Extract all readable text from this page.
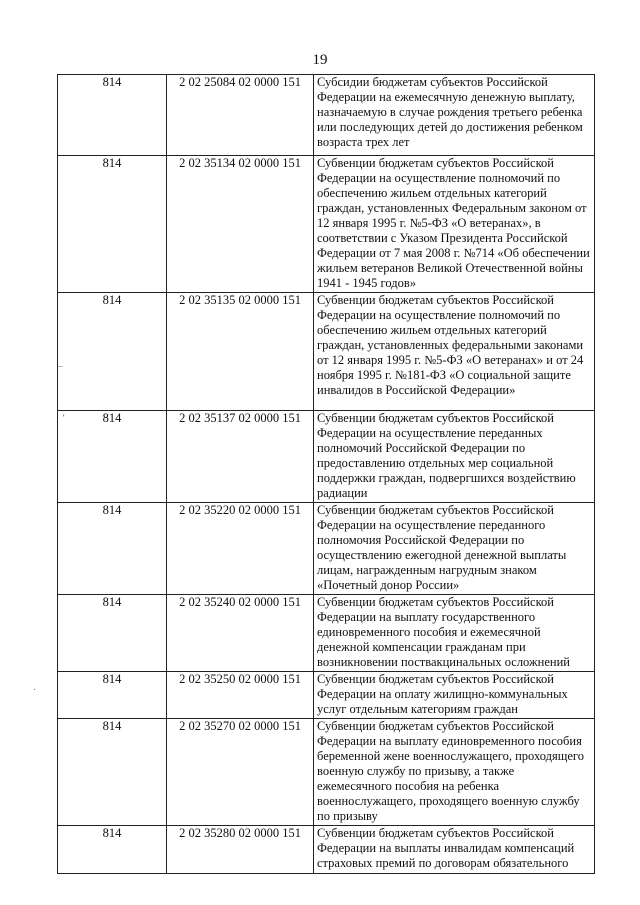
19
814	2 02 25084 02 0000 151	Субсидии бюджетам субъектов Российской Федерации на ежемесячную денежную выплату, назначаемую в случае рождения третьего ребенка или последующих детей до достижения ребенком возраста трех лет
814	2 02 35134 02 0000 151	Субвенции бюджетам субъектов Российской Федерации на осуществление полномочий по обеспечению жильем отдельных категорий граждан, установленных Федеральным законом от 12 января 1995 г. №5-ФЗ «О ветеранах», в соответствии с Указом Президента Российской Федерации от 7 мая 2008 г. №714 «Об обеспечении жильем ветеранов Великой Отечественной войны 1941 - 1945 годов»
814	2 02 35135 02 0000 151	Субвенции бюджетам субъектов Российской Федерации на осуществление полномочий по обеспечению жильем отдельных категорий граждан, установленных федеральными законами от 12 января 1995 г. №5-ФЗ «О ветеранах» и от 24 ноября 1995 г. №181-ФЗ «О социальной защите инвалидов в Российской Федерации»
814	2 02 35137 02 0000 151	Субвенции бюджетам субъектов Российской Федерации на осуществление переданных полномочий Российской Федерации по предоставлению отдельных мер социальной поддержки граждан, подвергшихся воздействию радиации
814	2 02 35220 02 0000 151	Субвенции бюджетам субъектов Российской Федерации на осуществление переданного полномочия Российской Федерации по осуществлению ежегодной денежной выплаты лицам, награжденным нагрудным знаком «Почетный донор России»
814	2 02 35240 02 0000 151	Субвенции бюджетам субъектов Российской Федерации на выплату государственного единовременного пособия и ежемесячной денежной компенсации гражданам при возникновении поствакцинальных осложнений
814	2 02 35250 02 0000 151	Субвенции бюджетам субъектов Российской Федерации на оплату жилищно-коммунальных услуг отдельным категориям граждан
814	2 02 35270 02 0000 151	Субвенции бюджетам субъектов Российской Федерации на выплату единовременного пособия беременной жене военнослужащего, проходящего военную службу по призыву, а также ежемесячного пособия на ребенка военнослужащего, проходящего военную службу по призыву
814	2 02 35280 02 0000 151	Субвенции бюджетам субъектов Российской Федерации на выплаты инвалидам компенсаций страховых премий по договорам обязательного
–
‘
·
